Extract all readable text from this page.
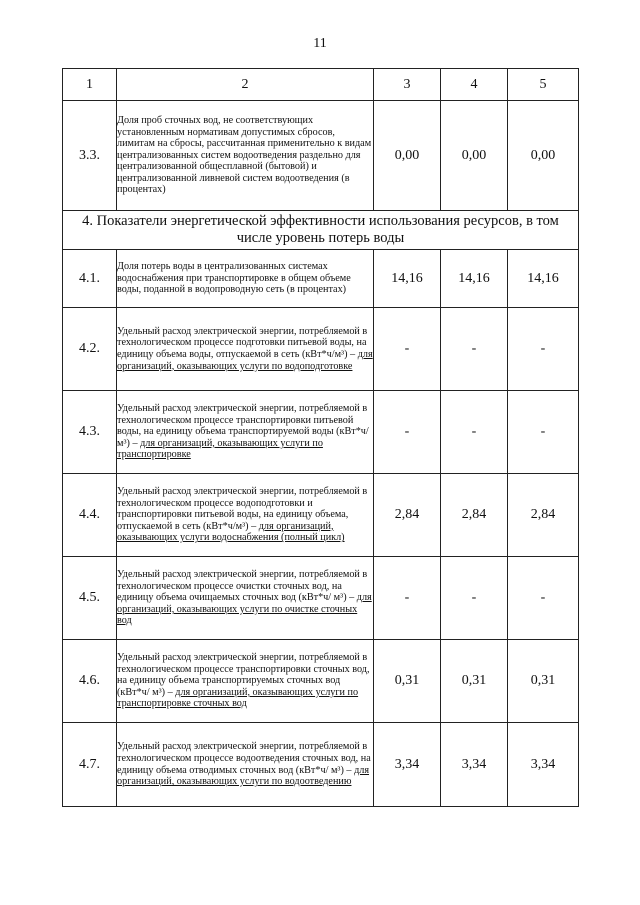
11
1	2	3	4	5
3.3.	Доля проб сточных вод, не соответствующих установленным нормативам допустимых сбросов, лимитам на сбросы, рассчитанная применительно к видам централизованных систем водоотведения раздельно для централизованной общесплавной (бытовой) и централизованной ливневой систем водоотведения (в процентах)	0,00	0,00	0,00
4. Показатели энергетической эффективности использования ресурсов, в том числе уровень потерь воды				
4.1.	Доля потерь воды в централизованных системах водоснабжения при транспортировке в общем объеме воды, поданной в водопроводную сеть (в процентах)	14,16	14,16	14,16
4.2.	Удельный расход электрической энергии, потребляемой в технологическом процессе подготовки питьевой воды, на единицу объема воды, отпускаемой в сеть (кВт*ч/м³) – для организаций, оказывающих услуги по водоподготовке	-	-	-
4.3.	Удельный расход электрической энергии, потребляемой в технологическом процессе транспортировки питьевой воды, на единицу объема транспортируемой воды (кВт*ч/м³) – для организаций, оказывающих услуги по транспортировке	-	-	-
4.4.	Удельный расход электрической энергии, потребляемой в технологическом процессе водоподготовки и транспортировки питьевой воды, на единицу объема, отпускаемой в сеть (кВт*ч/м³) – для организаций, оказывающих услуги водоснабжения (полный цикл)	2,84	2,84	2,84
4.5.	Удельный расход электрической энергии, потребляемой в технологическом процессе очистки сточных вод, на единицу объема очищаемых сточных вод (кВт*ч/ м³) – для организаций, оказывающих услуги по очистке сточных вод	-	-	-
4.6.	Удельный расход электрической энергии, потребляемой в технологическом процессе транспортировки сточных вод, на единицу объема транспортируемых сточных вод (кВт*ч/ м³) – для организаций, оказывающих услуги по транспортировке сточных вод	0,31	0,31	0,31
4.7.	Удельный расход электрической энергии, потребляемой в технологическом процессе водоотведения сточных вод, на единицу объема отводимых сточных вод (кВт*ч/ м³) – для организаций, оказывающих услуги по водоотведению	3,34	3,34	3,34
